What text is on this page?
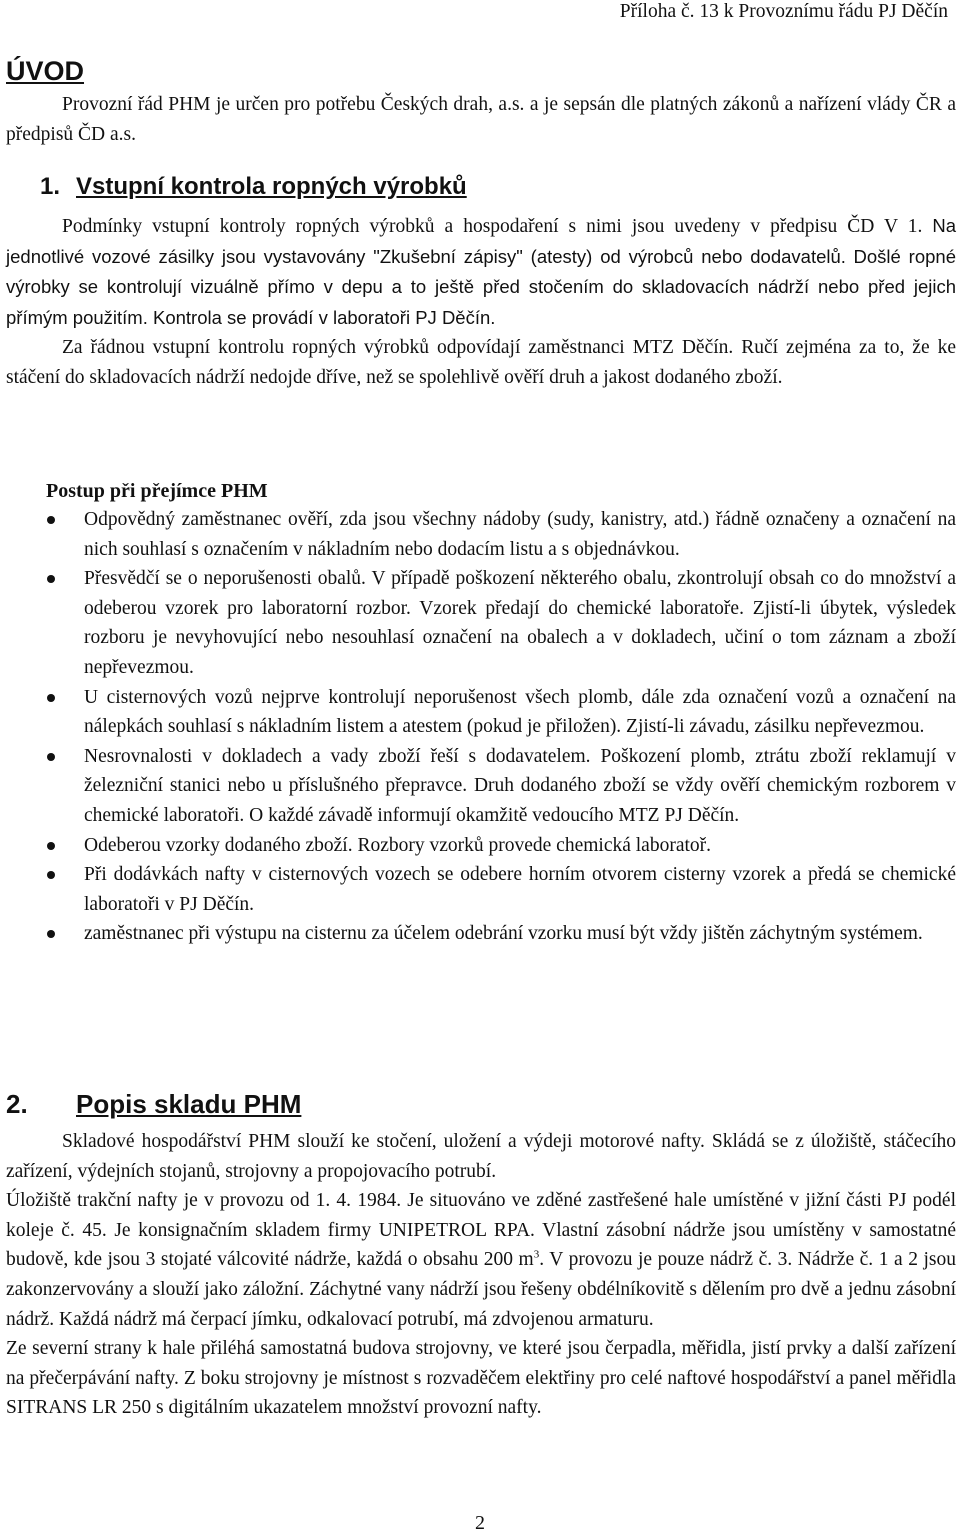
Příloha č. 13 k Provoznímu řádu PJ Děčín
ÚVOD

Provozní řád PHM je určen pro potřebu Českých drah, a.s. a je sepsán dle platných zákonů a nařízení vlády ČR a předpisů ČD a.s.

1. Vstupní kontrola ropných výrobků

Podmínky vstupní kontroly ropných výrobků a hospodaření s nimi jsou uvedeny v předpisu ČD V 1. Na jednotlivé vozové zásilky jsou vystavovány "Zkušební zápisy" (atesty) od výrobců nebo dodavatelů. Došlé ropné výrobky se kontrolují vizuálně přímo v depu a to ještě před stočením do skladovacích nádrží nebo před jejich přímým použitím. Kontrola se provádí v laboratoři PJ Děčín.

Za řádnou vstupní kontrolu ropných výrobků odpovídají zaměstnanci MTZ Děčín. Ručí zejména za to, že ke stáčení do skladovacích nádrží nedojde dříve, než se spolehlivě ověří druh a jakost dodaného zboží.

Postup při přejímce PHM
Odpovědný zaměstnanec ověří, zda jsou všechny nádoby (sudy, kanistry, atd.) řádně označeny a označení na nich souhlasí s označením v nákladním nebo dodacím listu a s objednávkou.
Přesvědčí se o neporušenosti obalů. V případě poškození některého obalu, zkontrolují obsah co do množství a odeberou vzorek pro laboratorní rozbor. Vzorek předají do chemické laboratoře. Zjistí-li úbytek, výsledek rozboru je nevyhovující nebo nesouhlasí označení na obalech a v dokladech, učiní o tom záznam a zboží nepřevezmou.
U cisternových vozů nejprve kontrolují neporušenost všech plomb, dále zda označení vozů a označení na nálepkách souhlasí s nákladním listem a atestem (pokud je přiložen). Zjistí-li závadu, zásilku nepřevezmou.
Nesrovnalosti v dokladech a vady zboží řeší s dodavatelem. Poškození plomb, ztrátu zboží reklamují v železniční stanici nebo u příslušného přepravce. Druh dodaného zboží se vždy ověří chemickým rozborem v chemické laboratoři. O každé závadě informují okamžitě vedoucího MTZ PJ Děčín.
Odeberou vzorky dodaného zboží. Rozbory vzorků provede chemická laboratoř.
Při dodávkách nafty v cisternových vozech se odebere horním otvorem cisterny vzorek a předá se chemické laboratoři v PJ Děčín.
zaměstnanec při výstupu na cisternu za účelem odebrání vzorku musí být vždy jištěn záchytným systémem.
2. Popis skladu PHM

Skladové hospodářství PHM slouží ke stočení, uložení a výdeji motorové nafty. Skládá se z úložiště, stáčecího zařízení, výdejních stojanů, strojovny a propojovacího potrubí.

Úložiště trakční nafty je v provozu od 1. 4. 1984. Je situováno ve zděné zastřešené hale umístěné v jižní části PJ podél koleje č. 45. Je konsignačním skladem firmy UNIPETROL RPA. Vlastní zásobní nádrže jsou umístěny v samostatné budově, kde jsou 3 stojaté válcovité nádrže, každá o obsahu 200 $m^3$. V provozu je pouze nádrž č. 3. Nádrže č. 1 a 2 jsou zakonzervovány a slouží jako záložní. Záchytné vany nádrží jsou řešeny obdélníkovitě s dělením pro dvě a jednu zásobní nádrž. Každá nádrž má čerpací jímku, odkalovací potrubí, má zdvojenou armaturu.

Ze severní strany k hale přiléhá samostatná budova strojovny, ve které jsou čerpadla, měřidla, jistí prvky a další zařízení na přečerpávání nafty. Z boku strojovny je místnost s rozvaděčem elektřiny pro celé naftové hospodářství a panel měřidla SITRANS LR 250 s digitálním ukazatelem množství provozní nafty.

2
